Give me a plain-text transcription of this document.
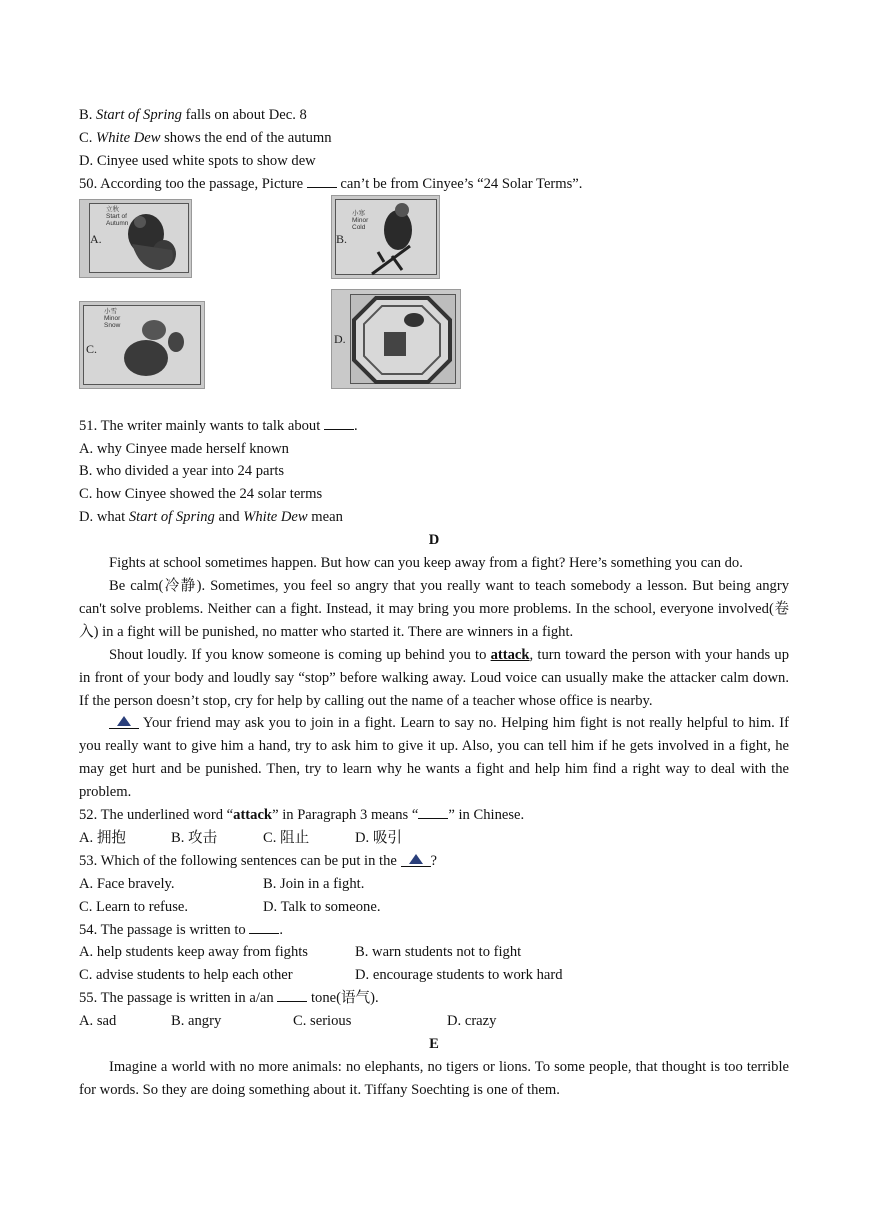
B. Start of Spring falls on about Dec. 8
C. White Dew shows the end of the autumn
D. Cinyee used white spots to show dew
50. According too the passage, Picture  can’t be from Cinyee’s “24 Solar Terms”.
A.
立秋
Start of
Autumn
B.
小寒
Minor
Cold
C.
小雪
Minor
Snow
D.
51. The writer mainly wants to talk about .
A. why Cinyee made herself known
B. who divided a year into 24 parts
C. how Cinyee showed the 24 solar terms
D. what Start of Spring and White Dew mean
D
Fights at school sometimes happen. But how can you keep away from a fight? Here’s something you can do.
Be calm(冷静). Sometimes, you feel so angry that you really want to teach somebody a lesson. But being angry can't solve problems. Neither can a fight. Instead, it may bring you more problems. In the school, everyone involved(卷入) in a fight will be punished, no matter who started it. There are winners in a fight.
Shout loudly. If you know someone is coming up behind you to attack, turn toward the person with your hands up in front of your body and loudly say “stop” before walking away. Loud voice can usually make the attacker calm down. If the person doesn’t stop, cry for help by calling out the name of a teacher whose office is nearby.
Your friend may ask you to join in a fight. Learn to say no. Helping him fight is not really helpful to him. If you really want to give him a hand, try to ask him to give it up. Also, you can tell him if he gets involved in a fight, he may get hurt and be punished. Then, try to learn why he wants a fight and help him find a right way to deal with the problem.
52. The underlined word “attack” in Paragraph 3 means “ ” in Chinese.
A. 拥抱	B. 攻击	C. 阻止	D. 吸引
53. Which of the following sentences can be put in the ?
A. Face bravely.	B. Join in a fight.
C. Learn to refuse.	D. Talk to someone.
54. The passage is written to .
A. help students keep away from fights	B. warn students not to fight
C. advise students to help each other	D. encourage students to work hard
55. The passage is written in a/an  tone(语气).
A. sad	B. angry	C. serious	D. crazy
E
Imagine a world with no more animals: no elephants, no tigers or lions. To some people, that thought is too terrible for words. So they are doing something about it. Tiffany Soechting is one of them.
